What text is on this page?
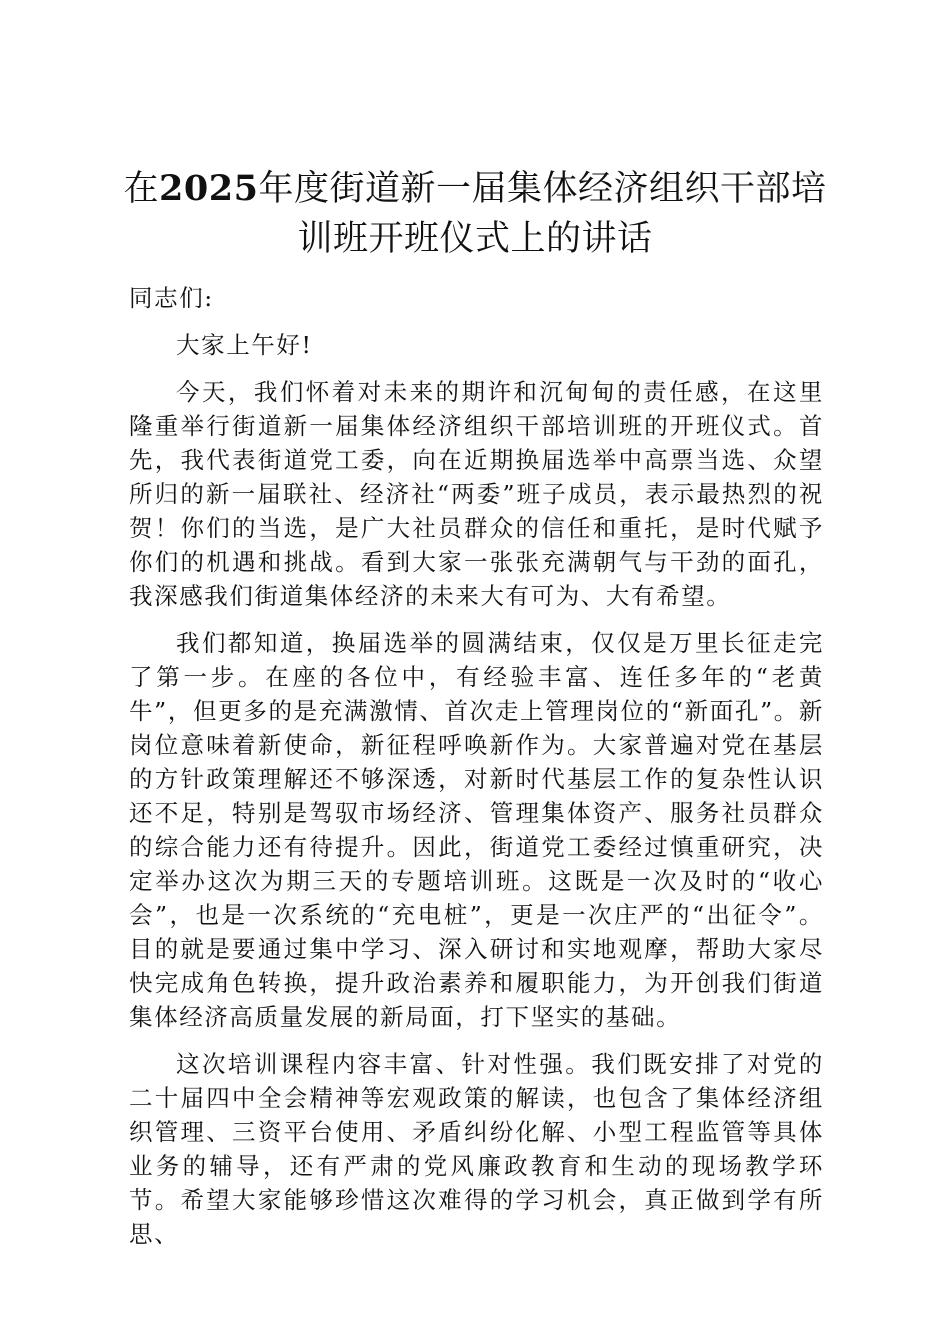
在2025年度街道新一届集体经济组织干部培训班开班仪式上的讲话

同志们:

大家上午好!

今天，我们怀着对未来的期许和沉甸甸的责任感，在这里隆重举行街道新一届集体经济组织干部培训班的开班仪式。首先，我代表街道党工委，向在近期换届选举中高票当选、众望所归的新一届联社、经济社“两委”班子成员，表示最热烈的祝贺！你们的当选，是广大社员群众的信任和重托，是时代赋予你们的机遇和挑战。看到大家一张张充满朝气与干劲的面孔，我深感我们街道集体经济的未来大有可为、大有希望。

我们都知道，换届选举的圆满结束，仅仅是万里长征走完了第一步。在座的各位中，有经验丰富、连任多年的“老黄牛”，但更多的是充满激情、首次走上管理岗位的“新面孔”。新岗位意味着新使命，新征程呼唤新作为。大家普遍对党在基层的方针政策理解还不够深透，对新时代基层工作的复杂性认识还不足，特别是驾驭市场经济、管理集体资产、服务社员群众的综合能力还有待提升。因此，街道党工委经过慎重研究，决定举办这次为期三天的专题培训班。这既是一次及时的“收心会”，也是一次系统的“充电桩”，更是一次庄严的“出征令”。目的就是要通过集中学习、深入研讨和实地观摩，帮助大家尽快完成角色转换，提升政治素养和履职能力，为开创我们街道集体经济高质量发展的新局面，打下坚实的基础。

这次培训课程内容丰富、针对性强。我们既安排了对党的二十届四中全会精神等宏观政策的解读，也包含了集体经济组织管理、三资平台使用、矛盾纠纷化解、小型工程监管等具体业务的辅导，还有严肃的党风廉政教育和生动的现场教学环节。希望大家能够珍惜这次难得的学习机会，真正做到学有所思、
